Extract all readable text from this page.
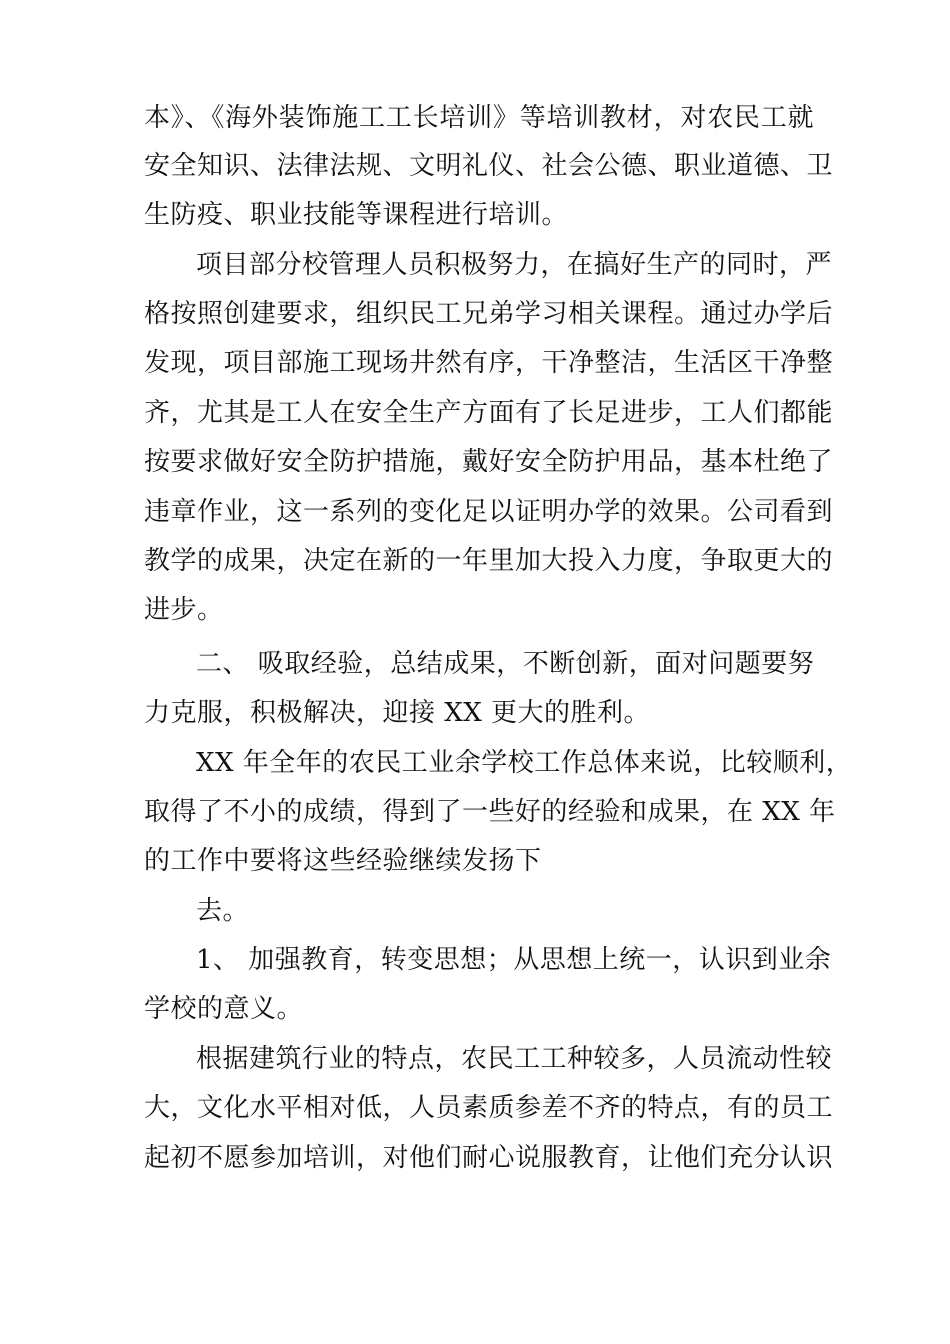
本》、《海外装饰施工工长培训》等培训教材，对农民工就

安全知识、法律法规、文明礼仪、社会公德、职业道德、卫

生防疫、职业技能等课程进行培训。

项目部分校管理人员积极努力，在搞好生产的同时，严

格按照创建要求，组织民工兄弟学习相关课程。通过办学后

发现，项目部施工现场井然有序，干净整洁，生活区干净整

齐，尤其是工人在安全生产方面有了长足进步，工人们都能

按要求做好安全防护措施，戴好安全防护用品，基本杜绝了

违章作业，这一系列的变化足以证明办学的效果。公司看到

教学的成果，决定在新的一年里加大投入力度，争取更大的

进步。

二、 吸取经验，总结成果，不断创新，面对问题要努

力克服，积极解决，迎接 XX 更大的胜利。

XX 年全年的农民工业余学校工作总体来说，比较顺利，

取得了不小的成绩，得到了一些好的经验和成果，在 XX 年

的工作中要将这些经验继续发扬下

去。

1、 加强教育，转变思想；从思想上统一，认识到业余

学校的意义。

根据建筑行业的特点，农民工工种较多，人员流动性较

大，文化水平相对低，人员素质参差不齐的特点，有的员工

起初不愿参加培训，对他们耐心说服教育，让他们充分认识
